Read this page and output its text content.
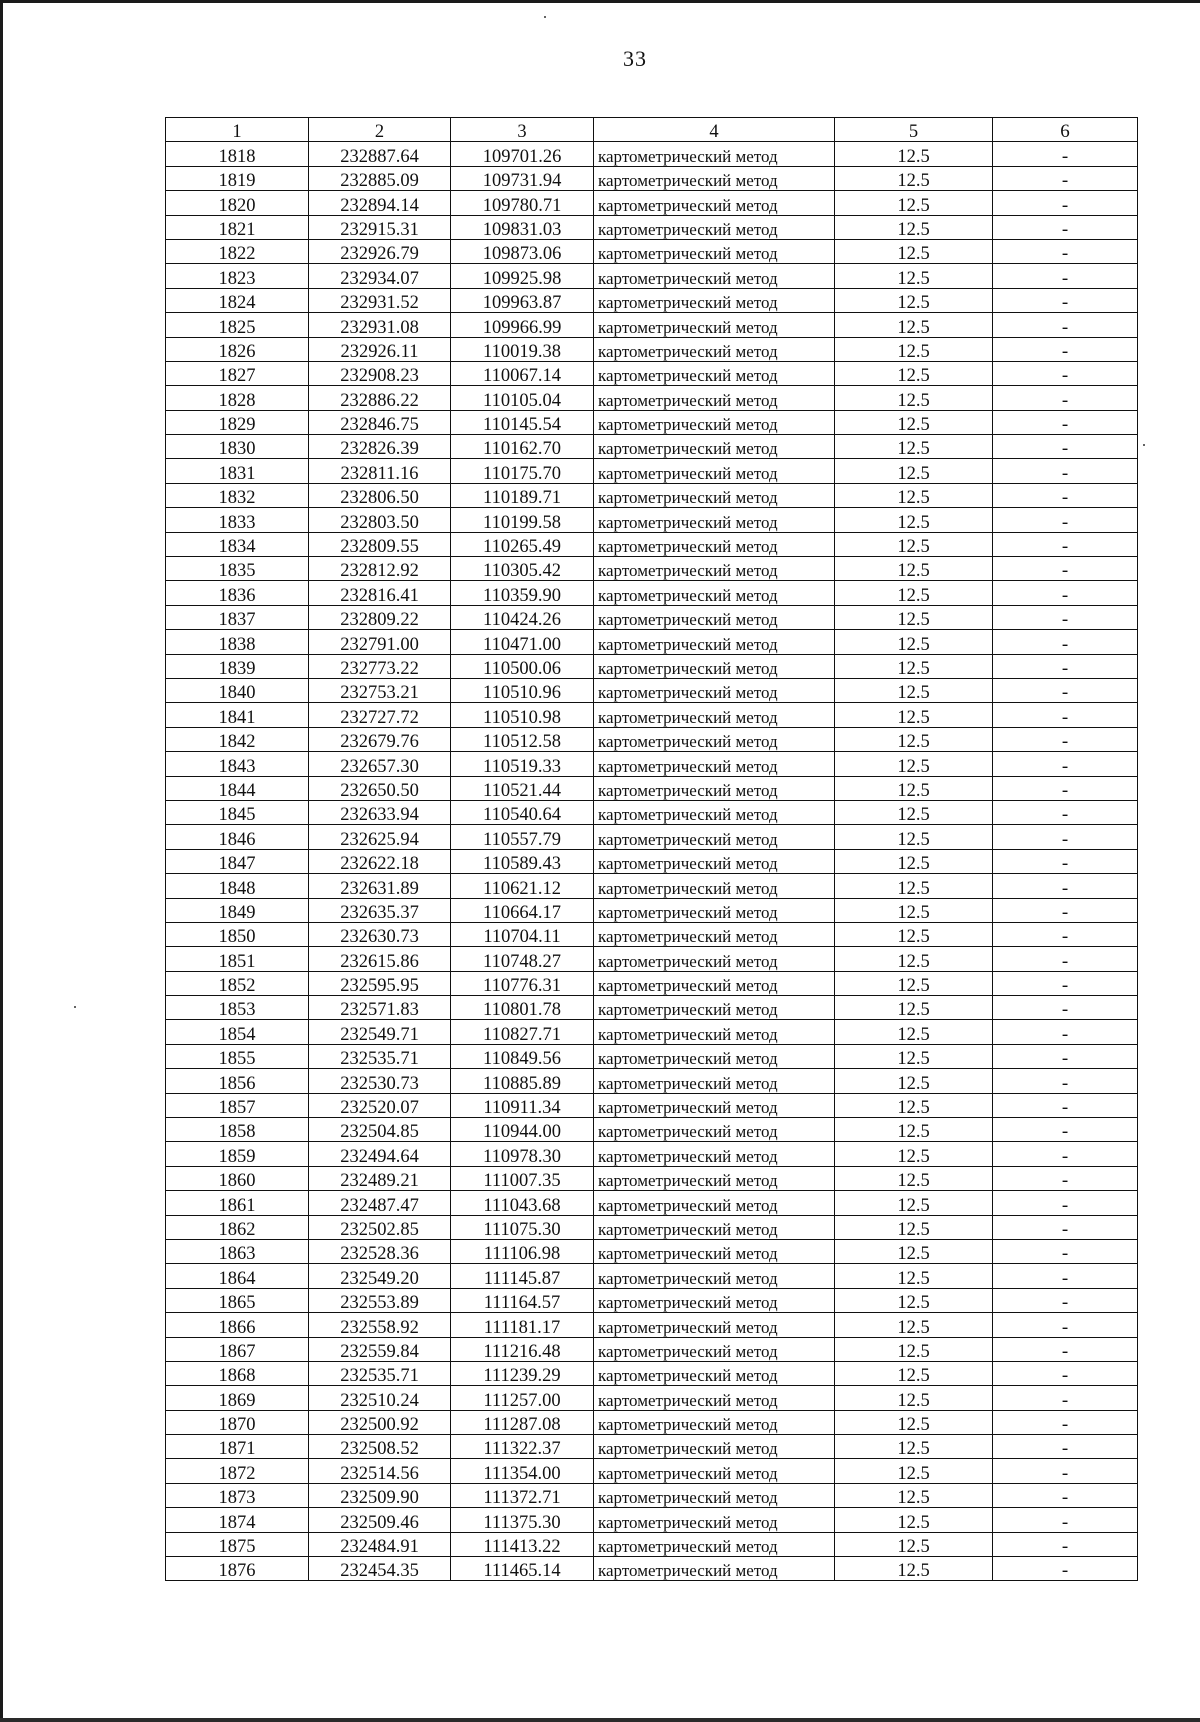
33
1	2	3	4	5	6
1818	232887.64	109701.26	картометрический метод	12.5	-
1819	232885.09	109731.94	картометрический метод	12.5	-
1820	232894.14	109780.71	картометрический метод	12.5	-
1821	232915.31	109831.03	картометрический метод	12.5	-
1822	232926.79	109873.06	картометрический метод	12.5	-
1823	232934.07	109925.98	картометрический метод	12.5	-
1824	232931.52	109963.87	картометрический метод	12.5	-
1825	232931.08	109966.99	картометрический метод	12.5	-
1826	232926.11	110019.38	картометрический метод	12.5	-
1827	232908.23	110067.14	картометрический метод	12.5	-
1828	232886.22	110105.04	картометрический метод	12.5	-
1829	232846.75	110145.54	картометрический метод	12.5	-
1830	232826.39	110162.70	картометрический метод	12.5	-
1831	232811.16	110175.70	картометрический метод	12.5	-
1832	232806.50	110189.71	картометрический метод	12.5	-
1833	232803.50	110199.58	картометрический метод	12.5	-
1834	232809.55	110265.49	картометрический метод	12.5	-
1835	232812.92	110305.42	картометрический метод	12.5	-
1836	232816.41	110359.90	картометрический метод	12.5	-
1837	232809.22	110424.26	картометрический метод	12.5	-
1838	232791.00	110471.00	картометрический метод	12.5	-
1839	232773.22	110500.06	картометрический метод	12.5	-
1840	232753.21	110510.96	картометрический метод	12.5	-
1841	232727.72	110510.98	картометрический метод	12.5	-
1842	232679.76	110512.58	картометрический метод	12.5	-
1843	232657.30	110519.33	картометрический метод	12.5	-
1844	232650.50	110521.44	картометрический метод	12.5	-
1845	232633.94	110540.64	картометрический метод	12.5	-
1846	232625.94	110557.79	картометрический метод	12.5	-
1847	232622.18	110589.43	картометрический метод	12.5	-
1848	232631.89	110621.12	картометрический метод	12.5	-
1849	232635.37	110664.17	картометрический метод	12.5	-
1850	232630.73	110704.11	картометрический метод	12.5	-
1851	232615.86	110748.27	картометрический метод	12.5	-
1852	232595.95	110776.31	картометрический метод	12.5	-
1853	232571.83	110801.78	картометрический метод	12.5	-
1854	232549.71	110827.71	картометрический метод	12.5	-
1855	232535.71	110849.56	картометрический метод	12.5	-
1856	232530.73	110885.89	картометрический метод	12.5	-
1857	232520.07	110911.34	картометрический метод	12.5	-
1858	232504.85	110944.00	картометрический метод	12.5	-
1859	232494.64	110978.30	картометрический метод	12.5	-
1860	232489.21	111007.35	картометрический метод	12.5	-
1861	232487.47	111043.68	картометрический метод	12.5	-
1862	232502.85	111075.30	картометрический метод	12.5	-
1863	232528.36	111106.98	картометрический метод	12.5	-
1864	232549.20	111145.87	картометрический метод	12.5	-
1865	232553.89	111164.57	картометрический метод	12.5	-
1866	232558.92	111181.17	картометрический метод	12.5	-
1867	232559.84	111216.48	картометрический метод	12.5	-
1868	232535.71	111239.29	картометрический метод	12.5	-
1869	232510.24	111257.00	картометрический метод	12.5	-
1870	232500.92	111287.08	картометрический метод	12.5	-
1871	232508.52	111322.37	картометрический метод	12.5	-
1872	232514.56	111354.00	картометрический метод	12.5	-
1873	232509.90	111372.71	картометрический метод	12.5	-
1874	232509.46	111375.30	картометрический метод	12.5	-
1875	232484.91	111413.22	картометрический метод	12.5	-
1876	232454.35	111465.14	картометрический метод	12.5	-
